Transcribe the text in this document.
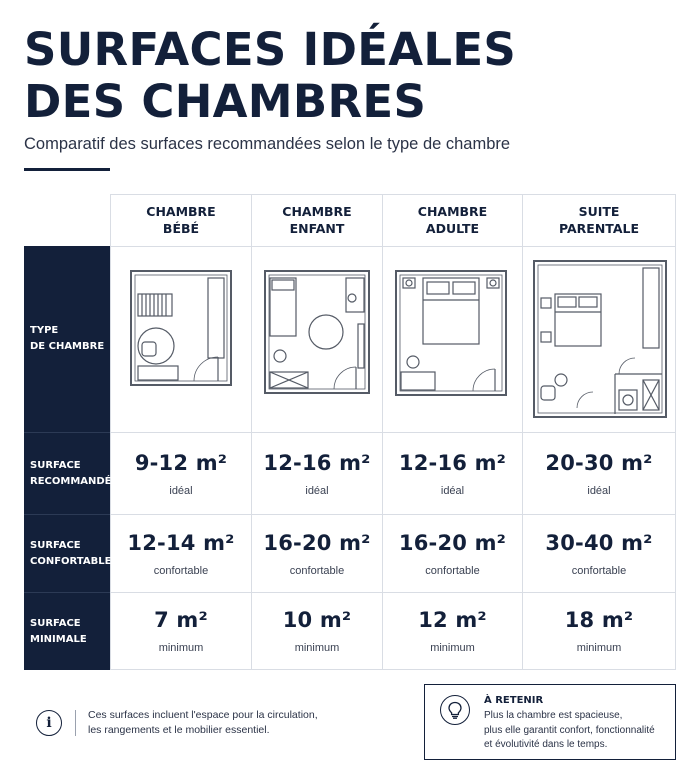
SURFACES IDÉALES
DES CHAMBRES
Comparatif des surfaces recommandées selon le type de chambre
CHAMBRE
BÉBÉ
CHAMBRE
ENFANT
CHAMBRE
ADULTE
SUITE
PARENTALE
TYPE
DE CHAMBRE
SURFACE
RECOMMANDÉE
SURFACE
CONFORTABLE
SURFACE
MINIMALE
9-12 m²
idéal
12-16 m²
idéal
12-16 m²
idéal
20-30 m²
idéal
12-14 m²
confortable
16-20 m²
confortable
16-20 m²
confortable
30-40 m²
confortable
7 m²
minimum
10 m²
minimum
12 m²
minimum
18 m²
minimum
i	Ces surfaces incluent l'espace pour la circulation,
les rangements et le mobilier essentiel.
À RETENIR
Plus la chambre est spacieuse,
plus elle garantit confort, fonctionnalité
et évolutivité dans le temps.
